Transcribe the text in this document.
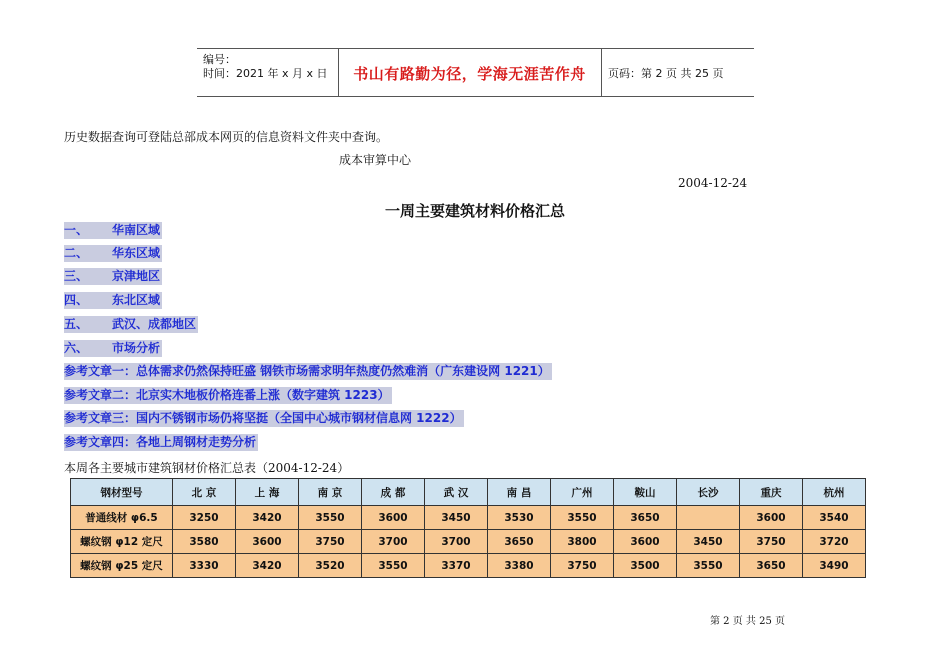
编号：
时间：2021 年 x 月 x 日	书山有路勤为径，学海无涯苦作舟	页码：第 2 页 共 25 页
历史数据查询可登陆总部成本网页的信息资料文件夹中查询。
成本审算中心
2004-12-24
一周主要建筑材料价格汇总
一、 华南区域
二、 华东区域
三、 京津地区
四、 东北区域
五、 武汉、成都地区
六、 市场分析
参考文章一：总体需求仍然保持旺盛 钢铁市场需求明年热度仍然难消（广东建设网 1221）
参考文章二：北京实木地板价格连番上涨（数字建筑 1223）
参考文章三：国内不锈钢市场仍将坚挺（全国中心城市钢材信息网 1222）
参考文章四：各地上周钢材走势分析
本周各主要城市建筑钢材价格汇总表（2004-12-24）
钢材型号	北 京	上 海	南 京	成 都	武 汉	南 昌	广州	鞍山	长沙	重庆	杭州
普通线材 φ6.5	3250	3420	3550	3600	3450	3530	3550	3650		3600	3540
螺纹钢 φ12 定尺	3580	3600	3750	3700	3700	3650	3800	3600	3450	3750	3720
螺纹钢 φ25 定尺	3330	3420	3520	3550	3370	3380	3750	3500	3550	3650	3490
第 2 页 共 25 页
